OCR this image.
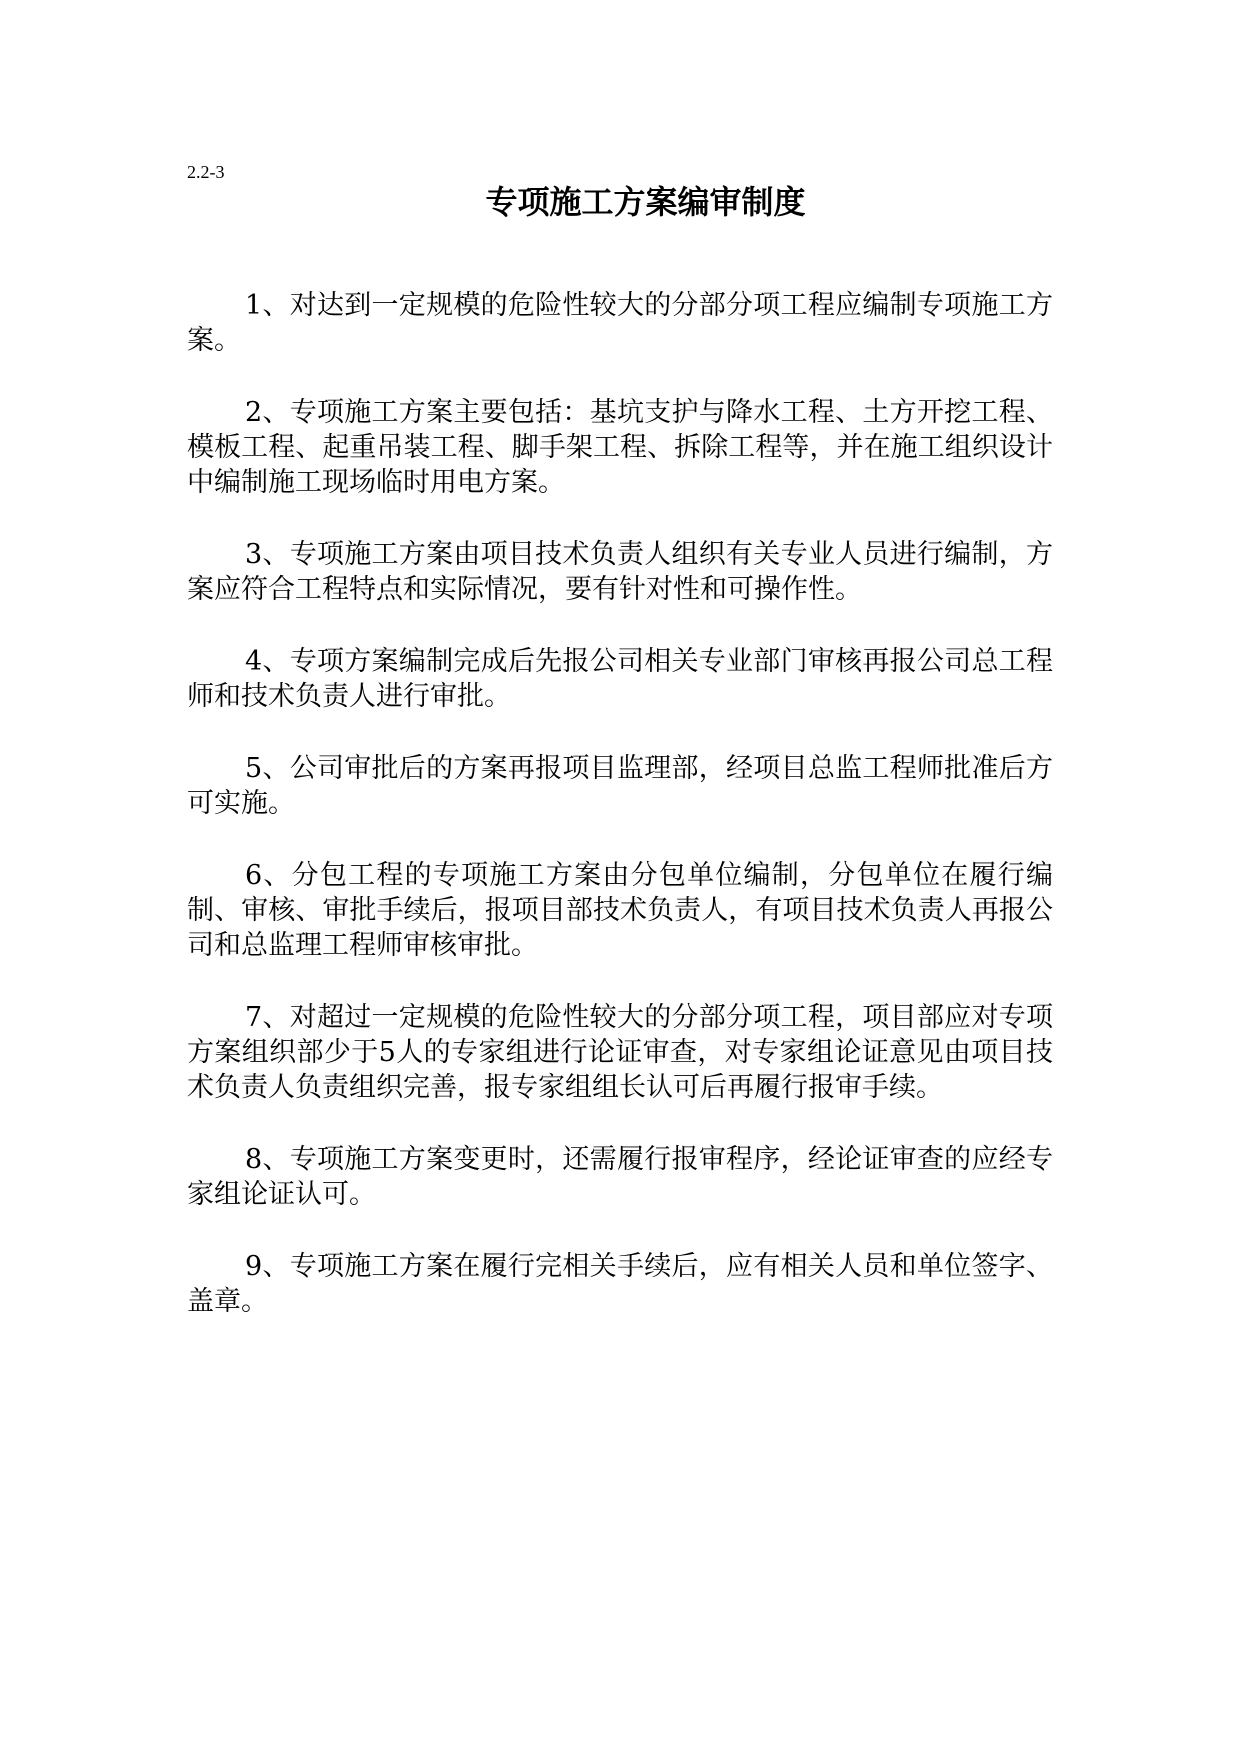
2.2-3
专项施工方案编审制度

1、对达到一定规模的危险性较大的分部分项工程应编制专项施工方案。

2、专项施工方案主要包括：基坑支护与降水工程、土方开挖工程、模板工程、起重吊装工程、脚手架工程、拆除工程等，并在施工组织设计中编制施工现场临时用电方案。

3、专项施工方案由项目技术负责人组织有关专业人员进行编制，方案应符合工程特点和实际情况，要有针对性和可操作性。

4、专项方案编制完成后先报公司相关专业部门审核再报公司总工程师和技术负责人进行审批。

5、公司审批后的方案再报项目监理部，经项目总监工程师批准后方可实施。

6、分包工程的专项施工方案由分包单位编制，分包单位在履行编制、审核、审批手续后，报项目部技术负责人，有项目技术负责人再报公司和总监理工程师审核审批。

7、对超过一定规模的危险性较大的分部分项工程，项目部应对专项方案组织部少于5人的专家组进行论证审查，对专家组论证意见由项目技术负责人负责组织完善，报专家组组长认可后再履行报审手续。

8、专项施工方案变更时，还需履行报审程序，经论证审查的应经专家组论证认可。

9、专项施工方案在履行完相关手续后，应有相关人员和单位签字、盖章。
